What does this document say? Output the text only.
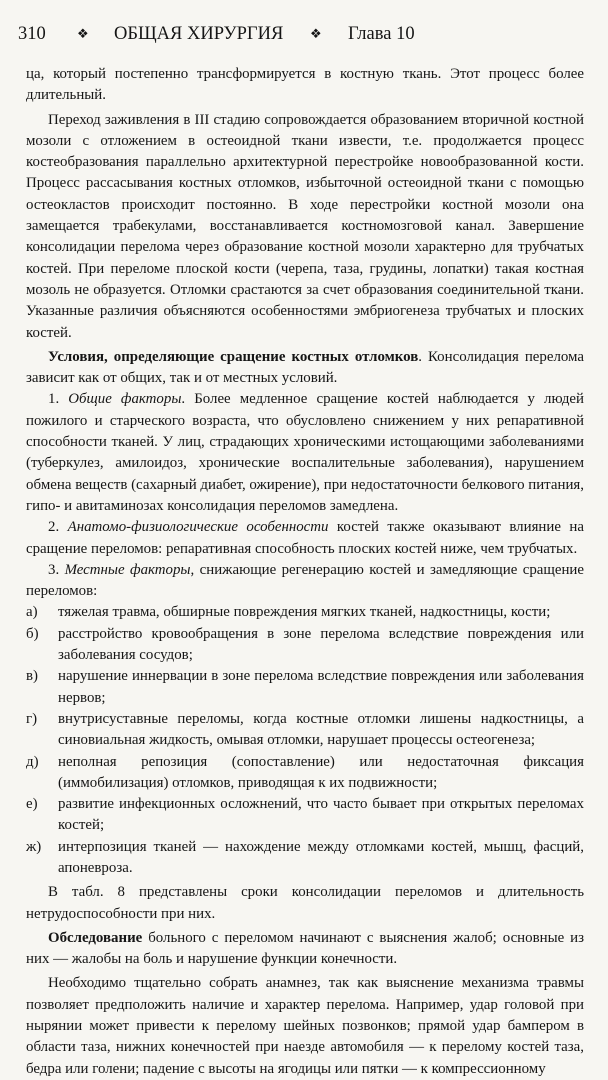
310 ❖ ОБЩАЯ ХИРУРГИЯ ❖ Глава 10

ца, который постепенно трансформируется в костную ткань. Этот процесс более длительный.

Переход заживления в III стадию сопровождается образованием вторичной костной мозоли с отложением в остеоидной ткани извести, т.е. продолжается процесс костеобразования параллельно архитектурной перестройке новообразованной кости. Процесс рассасывания костных отломков, избыточной остеоидной ткани с помощью остеокластов происходит постоянно. В ходе перестройки костной мозоли она замещается трабекулами, восстанавливается костномозговой канал. Завершение консолидации перелома через образование костной мозоли характерно для трубчатых костей. При переломе плоской кости (черепа, таза, грудины, лопатки) такая костная мозоль не образуется. Отломки срастаются за счет образования соединительной ткани. Указанные различия объясняются особенностями эмбриогенеза трубчатых и плоских костей.

Условия, определяющие сращение костных отломков. Консолидация перелома зависит как от общих, так и от местных условий.

1. Общие факторы. Более медленное сращение костей наблюдается у людей пожилого и старческого возраста, что обусловлено снижением у них репаративной способности тканей. У лиц, страдающих хроническими истощающими заболеваниями (туберкулез, амилоидоз, хронические воспалительные заболевания), нарушением обмена веществ (сахарный диабет, ожирение), при недостаточности белкового питания, гипо- и авитаминозах консолидация переломов замедлена.

2. Анатомо-физиологические особенности костей также оказывают влияние на сращение переломов: репаративная способность плоских костей ниже, чем трубчатых.

3. Местные факторы, снижающие регенерацию костей и замедляющие сращение переломов:

а) тяжелая травма, обширные повреждения мягких тканей, надкостницы, кости;
б) расстройство кровообращения в зоне перелома вследствие повреждения или заболевания сосудов;
в) нарушение иннервации в зоне перелома вследствие повреждения или заболевания нервов;
г) внутрисуставные переломы, когда костные отломки лишены надкостницы, а синовиальная жидкость, омывая отломки, нарушает процессы остеогенеза;
д) неполная репозиция (сопоставление) или недостаточная фиксация (иммобилизация) отломков, приводящая к их подвижности;
е) развитие инфекционных осложнений, что часто бывает при открытых переломах костей;
ж) интерпозиция тканей — нахождение между отломками костей, мышц, фасций, апоневроза.

В табл. 8 представлены сроки консолидации переломов и длительность нетрудоспособности при них.

Обследование больного с переломом начинают с выяснения жалоб; основные из них — жалобы на боль и нарушение функции конечности.

Необходимо тщательно собрать анамнез, так как выяснение механизма травмы позволяет предположить наличие и характер перелома. Например, удар головой при нырянии может привести к перелому шейных позвонков; прямой удар бампером в области таза, нижних конечностей при наезде автомобиля — к перелому костей таза, бедра или голени; падение с высоты на ягодицы или пятки — к компрессионному
